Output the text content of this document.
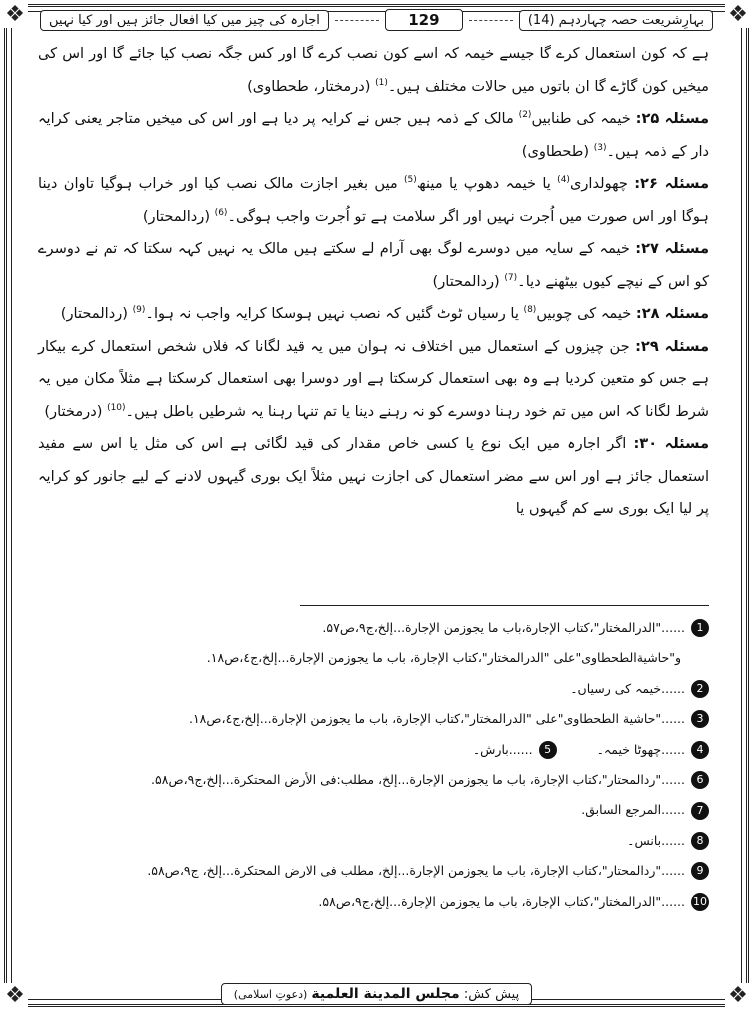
❖	❖
❖	❖
اجارہ کی چیز میں کیا افعال جائز ہیں اور کیا نہیں	129	بہارِشریعت حصہ چہاردہم (14)

ہے کہ کون استعمال کرے گا جیسے خیمہ کہ اسے کون نصب کرے گا اور کس جگہ نصب کیا جائے گا اور اس کی میخیں کون گاڑے گا ان باتوں میں حالات مختلف ہیں۔$^{(1)}$ (درمختار، طحطاوی)

مسئلہ ۲۵: خیمہ کی طنابیں$^{(2)}$ مالک کے ذمہ ہیں جس نے کرایہ پر دیا ہے اور اس کی میخیں متاجر یعنی کرایہ دار کے ذمہ ہیں۔$^{(3)}$ (طحطاوی)

مسئلہ ۲۶: چھولداری$^{(4)}$ یا خیمہ دھوپ یا مینھ$^{(5)}$ میں بغیر اجازت مالک نصب کیا اور خراب ہوگیا تاوان دینا ہوگا اور اس صورت میں اُجرت نہیں اور اگر سلامت ہے تو اُجرت واجب ہوگی۔$^{(6)}$ (ردالمحتار)

مسئلہ ۲۷: خیمہ کے سایہ میں دوسرے لوگ بھی آرام لے سکتے ہیں مالک یہ نہیں کہہ سکتا کہ تم نے دوسرے کو اس کے نیچے کیوں بیٹھنے دیا۔$^{(7)}$ (ردالمحتار)

مسئلہ ۲۸: خیمہ کی چوبیں$^{(8)}$ یا رسیاں ٹوٹ گئیں کہ نصب نہیں ہوسکا کرایہ واجب نہ ہوا۔$^{(9)}$ (ردالمحتار)

مسئلہ ۲۹: جن چیزوں کے استعمال میں اختلاف نہ ہوان میں یہ قید لگانا کہ فلاں شخص استعمال کرے بیکار ہے جس کو متعین کردیا ہے وہ بھی استعمال کرسکتا ہے اور دوسرا بھی استعمال کرسکتا ہے مثلاً مکان میں یہ شرط لگانا کہ اس میں تم خود رہنا دوسرے کو نہ رہنے دینا یا تم تنہا رہنا یہ شرطیں باطل ہیں۔$^{(10)}$ (درمختار)

مسئلہ ۳۰: اگر اجارہ میں ایک نوع یا کسی خاص مقدار کی قید لگائی ہے اس کی مثل یا اس سے مفید استعمال جائز ہے اور اس سے مضر استعمال کی اجازت نہیں مثلاً ایک بوری گیہوں لادنے کے لیے جانور کو کرایہ پر لیا ایک بوری سے کم گیہوں یا

1
......"الدرالمختار"،کتاب الإجارة،باب ما یجوزمن الإجارة...إلخ،ج۹،ص۵۷.
و"حاشیةالطحطاوی"علی "الدرالمختار"،کتاب الإجارة، باب ما یجوزمن الإجارة...إلخ،ج٤،ص١٨.
2
......خیمہ کی رسیاں۔
3
......"حاشیة الطحطاوی"علی "الدرالمختار"،کتاب الإجارة، باب ما یجوزمن الإجارة...إلخ،ج٤،ص١٨.
4
......چھوٹا خیمہ۔
5
......بارش۔
6
......"ردالمحتار"،کتاب الإجارة، باب ما یجوزمن الإجارة...إلخ، مطلب:فی الأرض المحتكرة...إلخ،ج۹،ص۵۸.
7
......المرجع السابق.
8
......بانس۔
9
......"ردالمحتار"،کتاب الإجارة، باب ما یجوزمن الإجارة...إلخ، مطلب فی الارض المحتكرة...إلخ، ج۹،ص۵۸.
10
......"الدرالمختار"،کتاب الإجارة، باب ما یجوزمن الإجارة...إلخ،ج۹،ص۵۸.
پیش کش: مجلس المدینة العلمیة (دعوتِ اسلامی)
